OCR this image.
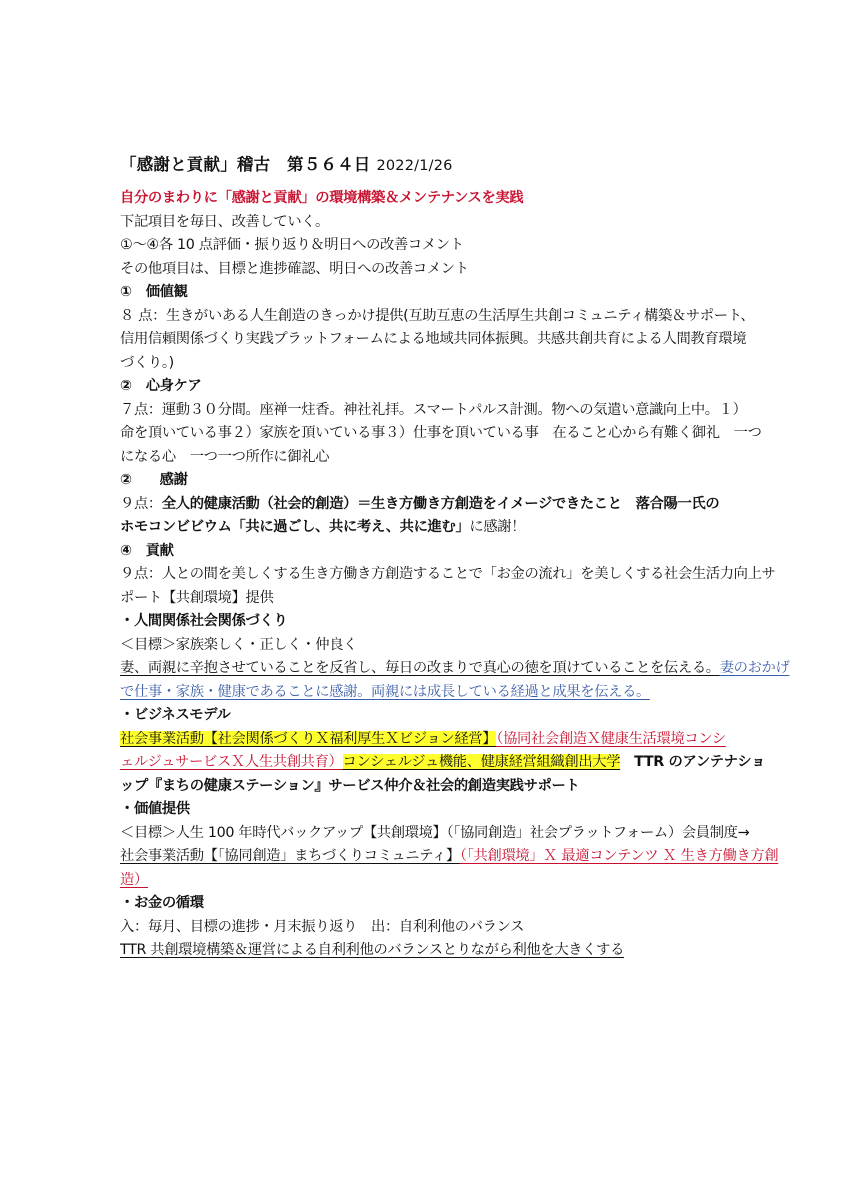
「感謝と貢献」稽古　第５６４日 2022/1/26
自分のまわりに「感謝と貢献」の環境構築＆メンテナンスを実践
下記項目を毎日、改善していく。
①～④各 10 点評価・振り返り＆明日への改善コメント
その他項目は、目標と進捗確認、明日への改善コメント
①　価値観
８ 点：生きがいある人生創造のきっかけ提供(互助互恵の生活厚生共創コミュニティ構築＆サポート、
信用信頼関係づくり実践プラットフォームによる地域共同体振興。共感共創共育による人間教育環境
づくり。)
②　心身ケア
７点：運動３０分間。座禅一炷香。神社礼拝。スマートパルス計測。物への気遣い意識向上中。１）
命を頂いている事２）家族を頂いている事３）仕事を頂いている事　在ること心から有難く御礼　一つ
になる心　一つ一つ所作に御礼心
②　　感謝
９点：全人的健康活動（社会的創造）＝生き方働き方創造をイメージできたこと　落合陽一氏の
ホモコンビビウム「共に過ごし、共に考え、共に進む」に感謝！
④　貢献
９点：人との間を美しくする生き方働き方創造することで「お金の流れ」を美しくする社会生活力向上サ
ポート【共創環境】提供
・人間関係社会関係づくり
＜目標＞家族楽しく・正しく・仲良く
妻、両親に辛抱させていることを反省し、毎日の改まりで真心の徳を頂けていることを伝える。妻のおかげ
で仕事・家族・健康であることに感謝。両親には成長している経過と成果を伝える。
・ビジネスモデル
社会事業活動【社会関係づくりＸ福利厚生Ｘビジョン経営】（協同社会創造Ｘ健康生活環境コンシ
ェルジュサービスＸ人生共創共育）コンシェルジュ機能、健康経営組織創出大学　TTR のアンテナショ
ップ『まちの健康ステーション』サービス仲介＆社会的創造実践サポート
・価値提供
＜目標＞人生 100 年時代バックアップ【共創環境】（「協同創造」社会プラットフォーム）会員制度→
社会事業活動【「協同創造」まちづくりコミュニティ】（「共創環境」Ｘ 最適コンテンツ Ｘ 生き方働き方創
造）
・お金の循環
入：毎月、目標の進捗・月末振り返り　出：自利利他のバランス
TTR 共創環境構築＆運営による自利利他のバランスとりながら利他を大きくする
